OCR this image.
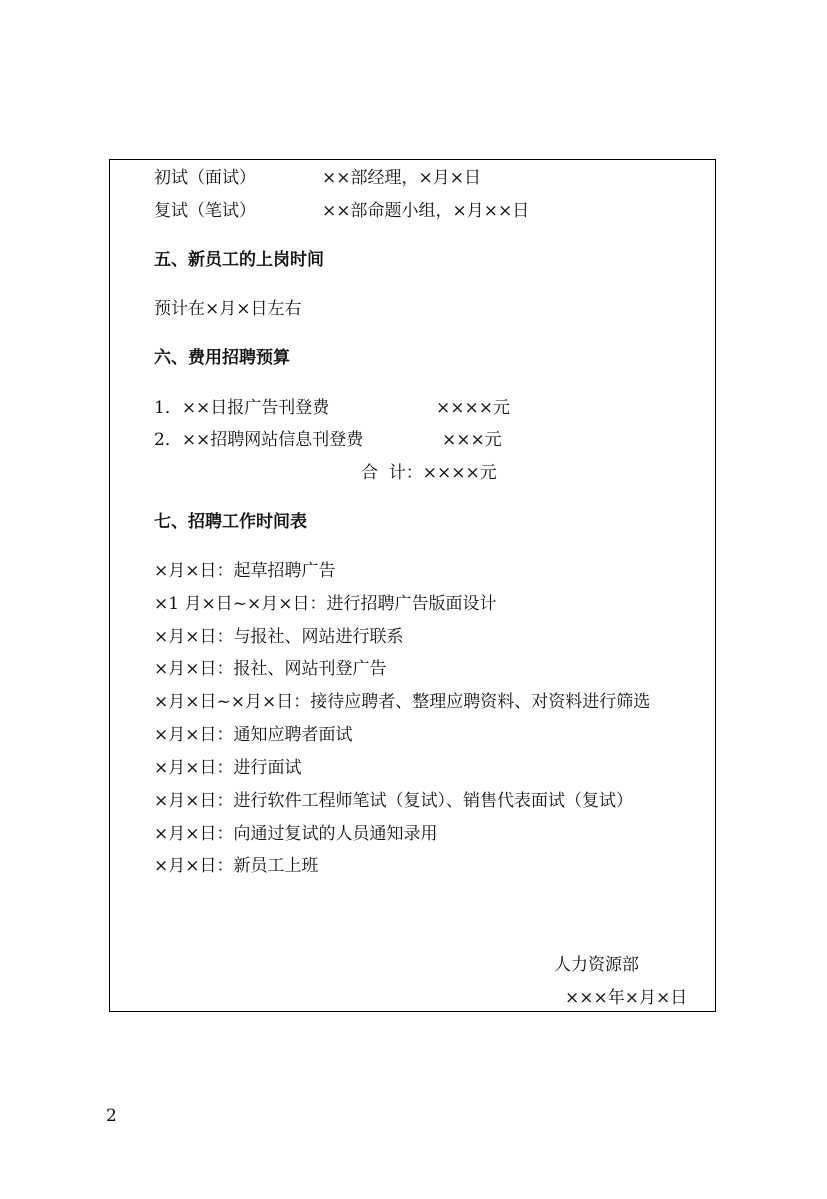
初试（面试）	××部经理，×月×日
复试（笔试）	××部命题小组，×月××日
五、新员工的上岗时间
预计在×月×日左右
六、费用招聘预算
1．××日报广告刊登费	××××元
2．××招聘网站信息刊登费	×××元
合  计：××××元
七、招聘工作时间表
×月×日：起草招聘广告
×1 月×日~×月×日：进行招聘广告版面设计
×月×日：与报社、网站进行联系
×月×日：报社、网站刊登广告
×月×日~×月×日：接待应聘者、整理应聘资料、对资料进行筛选
×月×日：通知应聘者面试
×月×日：进行面试
×月×日：进行软件工程师笔试（复试）、销售代表面试（复试）
×月×日：向通过复试的人员通知录用
×月×日：新员工上班
人力资源部
×××年×月×日
2
